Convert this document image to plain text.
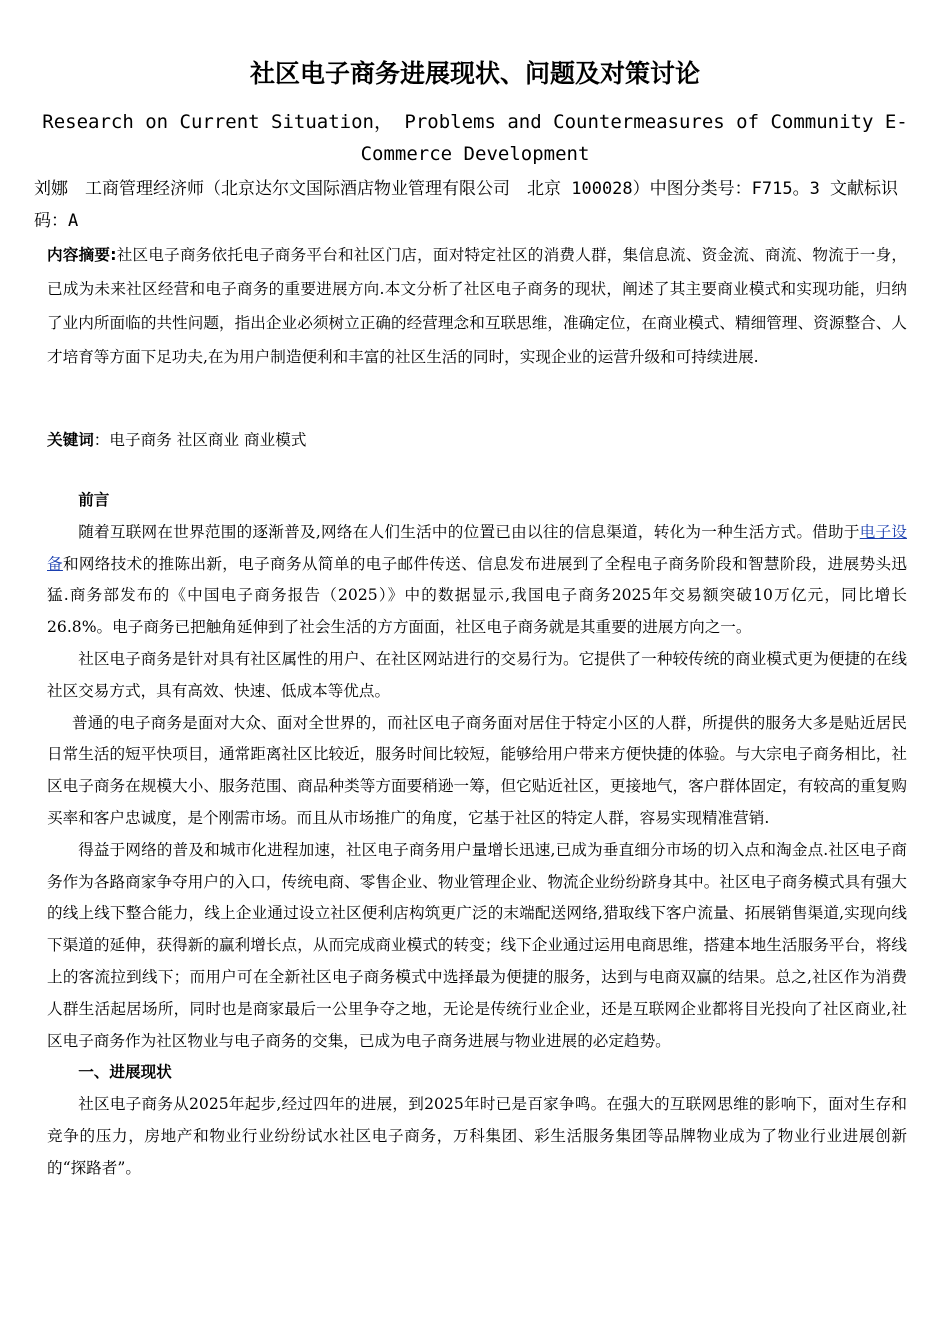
社区电子商务进展现状、问题及对策讨论
Research on Current Situation， Problems and Countermeasures of Community E-Commerce Development
刘娜　工商管理经济师（北京达尔文国际酒店物业管理有限公司　北京 100028）中图分类号：F715。3 文献标识码：A
内容摘要:社区电子商务依托电子商务平台和社区门店，面对特定社区的消费人群，集信息流、资金流、商流、物流于一身，已成为未来社区经营和电子商务的重要进展方向.本文分析了社区电子商务的现状，阐述了其主要商业模式和实现功能，归纳了业内所面临的共性问题，指出企业必须树立正确的经营理念和互联思维，准确定位，在商业模式、精细管理、资源整合、人才培育等方面下足功夫,在为用户制造便利和丰富的社区生活的同时，实现企业的运营升级和可持续进展.
关键词：电子商务 社区商业 商业模式
前言

随着互联网在世界范围的逐渐普及,网络在人们生活中的位置已由以往的信息渠道，转化为一种生活方式。借助于电子设备和网络技术的推陈出新，电子商务从简单的电子邮件传送、信息发布进展到了全程电子商务阶段和智慧阶段，进展势头迅猛.商务部发布的《中国电子商务报告（2025）》中的数据显示,我国电子商务2025年交易额突破10万亿元，同比增长26.8%。电子商务已把触角延伸到了社会生活的方方面面，社区电子商务就是其重要的进展方向之一。

社区电子商务是针对具有社区属性的用户、在社区网站进行的交易行为。它提供了一种较传统的商业模式更为便捷的在线社区交易方式，具有高效、快速、低成本等优点。

普通的电子商务是面对大众、面对全世界的，而社区电子商务面对居住于特定小区的人群，所提供的服务大多是贴近居民日常生活的短平快项目，通常距离社区比较近，服务时间比较短，能够给用户带来方便快捷的体验。与大宗电子商务相比，社区电子商务在规模大小、服务范围、商品种类等方面要稍逊一筹，但它贴近社区，更接地气，客户群体固定，有较高的重复购买率和客户忠诚度，是个刚需市场。而且从市场推广的角度，它基于社区的特定人群，容易实现精准营销.

得益于网络的普及和城市化进程加速，社区电子商务用户量增长迅速,已成为垂直细分市场的切入点和淘金点.社区电子商务作为各路商家争夺用户的入口，传统电商、零售企业、物业管理企业、物流企业纷纷跻身其中。社区电子商务模式具有强大的线上线下整合能力，线上企业通过设立社区便利店构筑更广泛的末端配送网络,猎取线下客户流量、拓展销售渠道,实现向线下渠道的延伸，获得新的赢利增长点，从而完成商业模式的转变；线下企业通过运用电商思维，搭建本地生活服务平台，将线上的客流拉到线下；而用户可在全新社区电子商务模式中选择最为便捷的服务，达到与电商双赢的结果。总之,社区作为消费人群生活起居场所，同时也是商家最后一公里争夺之地，无论是传统行业企业，还是互联网企业都将目光投向了社区商业,社区电子商务作为社区物业与电子商务的交集，已成为电子商务进展与物业进展的必定趋势。

一、进展现状

社区电子商务从2025年起步,经过四年的进展，到2025年时已是百家争鸣。在强大的互联网思维的影响下，面对生存和竞争的压力，房地产和物业行业纷纷试水社区电子商务，万科集团、彩生活服务集团等品牌物业成为了物业行业进展创新的“探路者”。
